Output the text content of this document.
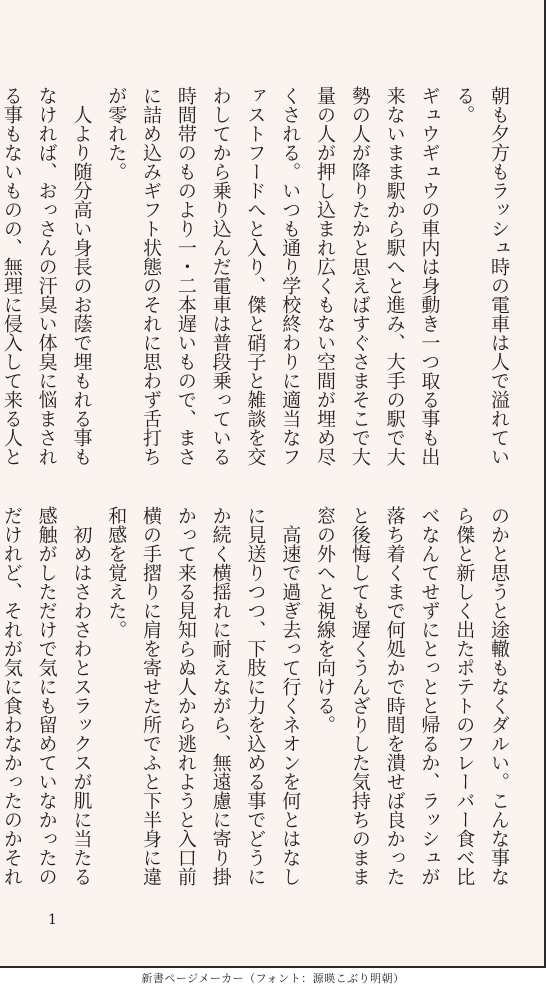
朝も夕方もラッシュ時の電車は人で溢れている。
ギュウギュウの車内は身動き一つ取る事も出来ないまま駅から駅へと進み、大手の駅で大勢の人が降りたかと思えばすぐさまそこで大量の人が押し込まれ広くもない空間が埋め尽くされる。いつも通り学校終わりに適当なファストフードへと入り、傑と硝子と雑談を交わしてから乗り込んだ電車は普段乗っている時間帯のものより一・二本遅いもので、まさに詰め込みギフト状態のそれに思わず舌打ちが零れた。
　人より随分高い身長のお蔭で埋もれる事もなければ、おっさんの汗臭い体臭に悩まされる事もないものの、無理に侵入して来る人と
のかと思うと途轍もなくダルい。こんな事なら傑と新しく出たポテトのフレーバー食べ比べなんてせずにとっとと帰るか、ラッシュが落ち着くまで何処かで時間を潰せば良かったと後悔しても遅くうんざりした気持ちのまま窓の外へと視線を向ける。
　高速で過ぎ去って行くネオンを何とはなしに見送りつつ、下肢に力を込める事でどうにか続く横揺れに耐えながら、無遠慮に寄り掛かって来る見知らぬ人から逃れようと入口前横の手摺りに肩を寄せた所でふと下半身に違和感を覚えた。
　初めはさわさわとスラックスが肌に当たる感触がしただけで気にも留めていなかったのだけれど、それが気に食わなかったのかそれ
1
新書ページメーカー（フォント：源暎こぶり明朝）
